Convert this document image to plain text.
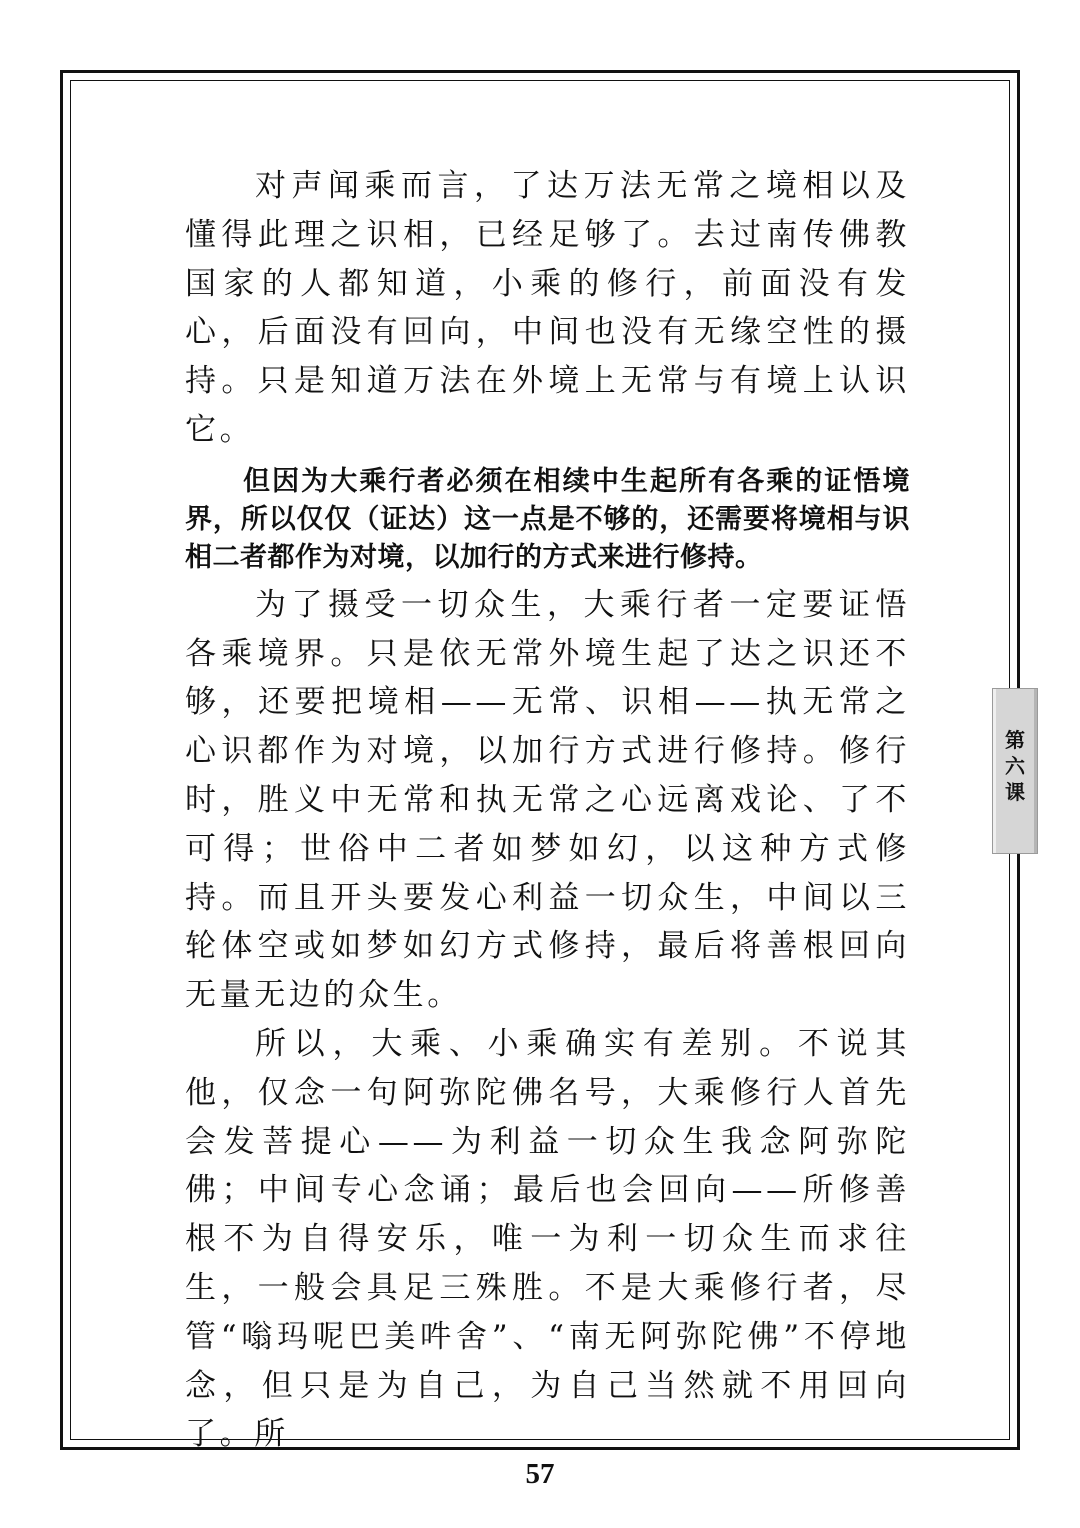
对声闻乘而言，了达万法无常之境相以及懂得此理之识相，已经足够了。去过南传佛教国家的人都知道，小乘的修行，前面没有发心，后面没有回向，中间也没有无缘空性的摄持。只是知道万法在外境上无常与有境上认识它。

但因为大乘行者必须在相续中生起所有各乘的证悟境界，所以仅仅（证达）这一点是不够的，还需要将境相与识相二者都作为对境，以加行的方式来进行修持。

为了摄受一切众生，大乘行者一定要证悟各乘境界。只是依无常外境生起了达之识还不够，还要把境相——无常、识相——执无常之心识都作为对境，以加行方式进行修持。修行时，胜义中无常和执无常之心远离戏论、了不可得；世俗中二者如梦如幻，以这种方式修持。而且开头要发心利益一切众生，中间以三轮体空或如梦如幻方式修持，最后将善根回向无量无边的众生。

所以，大乘、小乘确实有差别。不说其他，仅念一句阿弥陀佛名号，大乘修行人首先会发菩提心——为利益一切众生我念阿弥陀佛；中间专心念诵；最后也会回向——所修善根不为自得安乐，唯一为利一切众生而求往生，一般会具足三殊胜。不是大乘修行者，尽管“嗡玛呢巴美吽舍”、“南无阿弥陀佛”不停地念，但只是为自己，为自己当然就不用回向了。所

第六课
57
